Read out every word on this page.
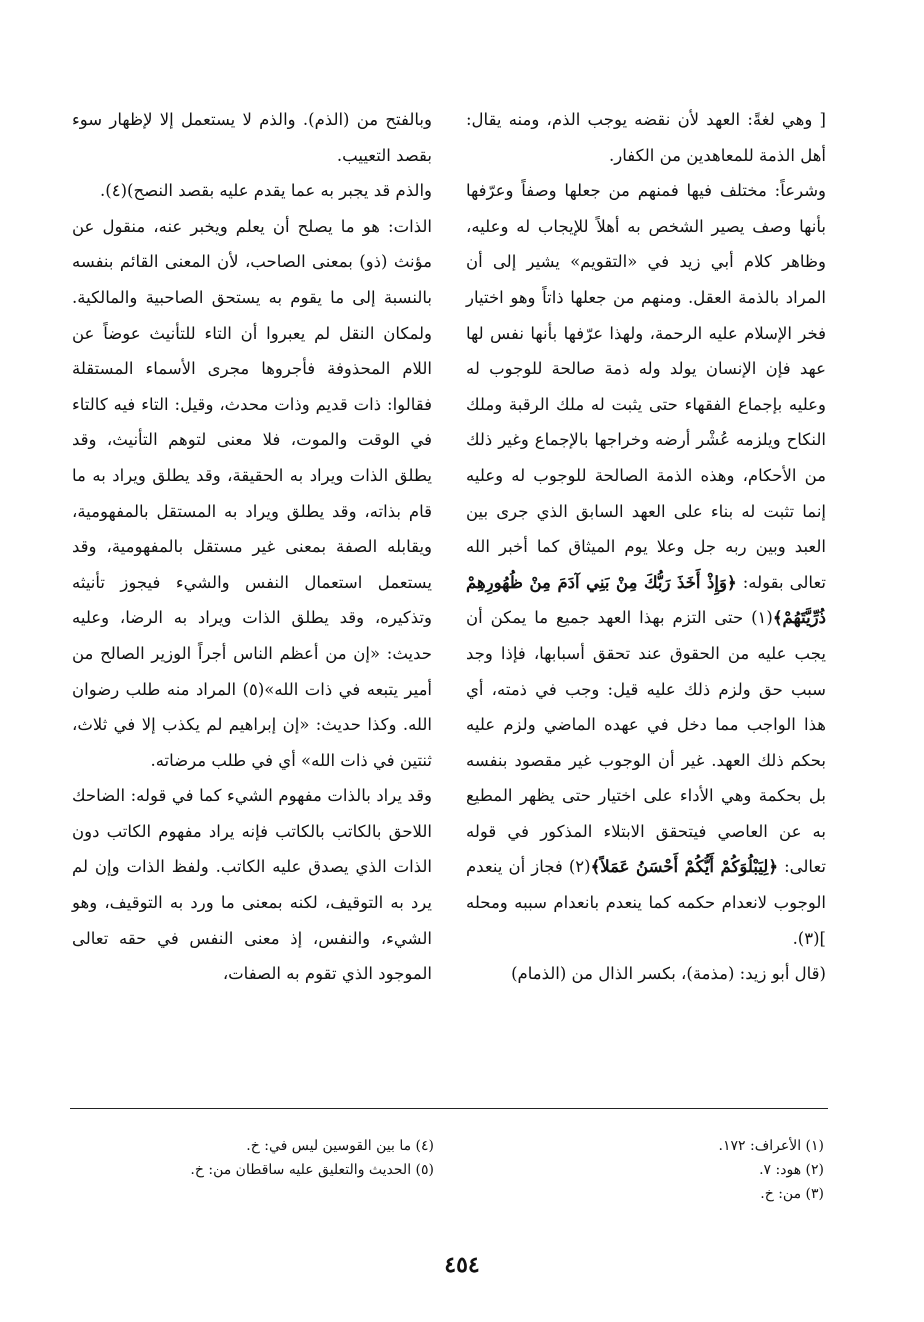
[ وهي لغةً: العهد لأن نقضه يوجب الذم، ومنه يقال: أهل الذمة للمعاهدين من الكفار.

وشرعاً: مختلف فيها فمنهم من جعلها وصفاً وعرّفها بأنها وصف يصير الشخص به أهلاً للإيجاب له وعليه، وظاهر كلام أبي زيد في «التقويم» يشير إلى أن المراد بالذمة العقل. ومنهم من جعلها ذاتاً وهو اختيار فخر الإسلام عليه الرحمة، ولهذا عرّفها بأنها نفس لها عهد فإن الإنسان يولد وله ذمة صالحة للوجوب له وعليه بإجماع الفقهاء حتى يثبت له ملك الرقبة وملك النكاح ويلزمه عُشْر أرضه وخراجها بالإجماع وغير ذلك من الأحكام، وهذه الذمة الصالحة للوجوب له وعليه إنما تثبت له بناء على العهد السابق الذي جرى بين العبد وبين ربه جل وعلا يوم الميثاق كما أخبر الله تعالى بقوله: ﴿وَإِذْ أَخَذَ رَبُّكَ مِنْ بَنِي آدَمَ مِنْ ظُهُورِهِمْ ذُرِّيَّتَهُمْ﴾(١) حتى التزم بهذا العهد جميع ما يمكن أن يجب عليه من الحقوق عند تحقق أسبابها، فإذا وجد سبب حق ولزم ذلك عليه قيل: وجب في ذمته، أي هذا الواجب مما دخل في عهده الماضي ولزم عليه بحكم ذلك العهد. غير أن الوجوب غير مقصود بنفسه بل بحكمة وهي الأداء على اختيار حتى يظهر المطيع به عن العاصي فيتحقق الابتلاء المذكور في قوله تعالى: ﴿لِيَبْلُوَكُمْ أَيُّكُمْ أَحْسَنُ عَمَلاً﴾(٢) فجاز أن ينعدم الوجوب لانعدام حكمه كما ينعدم بانعدام سببه ومحله ](٣).

(قال أبو زيد: (مذمة)، بكسر الذال من (الذمام)

وبالفتح من (الذم). والذم لا يستعمل إلا لإظهار سوء بقصد التعييب.

والذم قد يجبر به عما يقدم عليه بقصد النصح)(٤).

الذات: هو ما يصلح أن يعلم ويخبر عنه، منقول عن مؤنث (ذو) بمعنى الصاحب، لأن المعنى القائم بنفسه بالنسبة إلى ما يقوم به يستحق الصاحبية والمالكية. ولمكان النقل لم يعبروا أن التاء للتأنيث عوضاً عن اللام المحذوفة فأجروها مجرى الأسماء المستقلة فقالوا: ذات قديم وذات محدث، وقيل: التاء فيه كالتاء في الوقت والموت، فلا معنى لتوهم التأنيث، وقد يطلق الذات ويراد به الحقيقة، وقد يطلق ويراد به ما قام بذاته، وقد يطلق ويراد به المستقل بالمفهومية، ويقابله الصفة بمعنى غير مستقل بالمفهومية، وقد يستعمل استعمال النفس والشيء فيجوز تأنيثه وتذكيره، وقد يطلق الذات ويراد به الرضا، وعليه حديث: «إن من أعظم الناس أجراً الوزير الصالح من أمير يتبعه في ذات الله»(٥) المراد منه طلب رضوان الله. وكذا حديث: «إن إبراهيم لم يكذب إلا في ثلاث، ثنتين في ذات الله» أي في طلب مرضاته.

وقد يراد بالذات مفهوم الشيء كما في قوله: الضاحك اللاحق بالكاتب بالكاتب فإنه يراد مفهوم الكاتب دون الذات الذي يصدق عليه الكاتب. ولفظ الذات وإن لم يرد به التوقيف، لكنه بمعنى ما ورد به التوقيف، وهو الشيء، والنفس، إذ معنى النفس في حقه تعالى الموجود الذي تقوم به الصفات،

(١) الأعراف: ١٧٢.
(٢) هود: ٧.
(٣) من: خ.
(٤) ما بين القوسين ليس في: خ.
(٥) الحديث والتعليق عليه ساقطان من: خ.
٤٥٤
